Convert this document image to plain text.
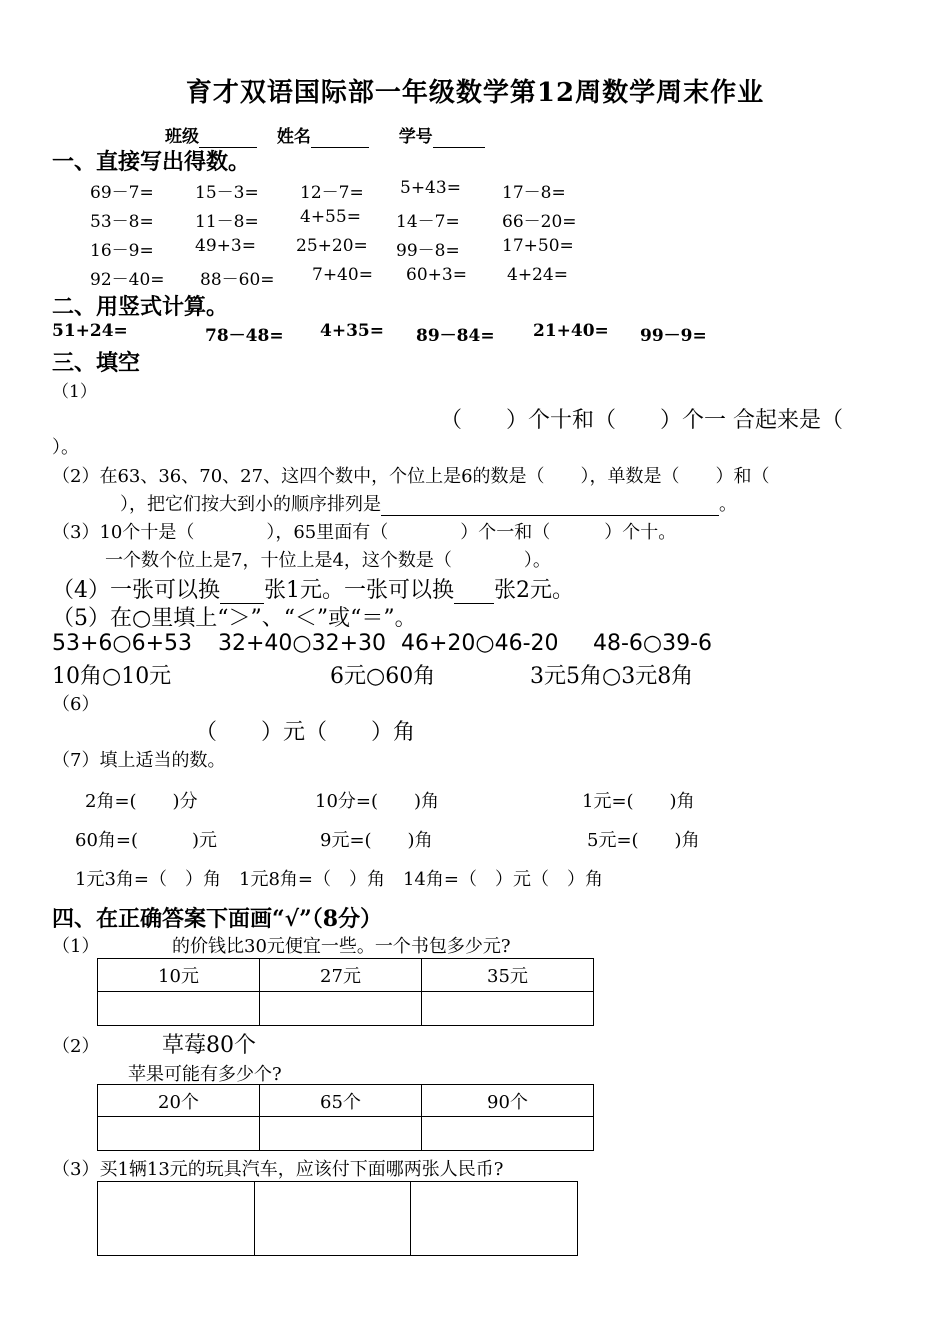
育才双语国际部一年级数学第12周数学周末作业
班级	姓名	学号
一、直接写出得数。
69－7= 15－3= 12－7= 5+43= 17－8=
53－8= 11－8= 4+55= 14－7= 66－20=
16－9= 49+3= 25+20= 99－8= 17+50=
92－40= 88－60= 7+40= 60+3= 4+24=
二、用竖式计算。
51+24=	78－48= 4+35= 89－84= 21+40= 99－9=
三、填空
（1）
（　　）个十和（　　）个一 合起来是（
）。
（2）在63、36、70、27、这四个数中，个位上是6的数是（　　），单数是（　　）和（
），把它们按大到小的顺序排列是	。
（3）10个十是（　　　　），65里面有（　　　　）个一和（　　　）个十。
一个数个位上是7，十位上是4，这个数是（　　　　）。
（4）一张可以换 张1元。一张可以换 张2元。
（5）在○里填上“＞”、“＜”或“＝”。
53+6○6+53 32+40○32+30 46+20○46-20 48-6○39-6
10角○10元	6元○60角	3元5角○3元8角
（6）
（　　）元（　　）角
（7）填上适当的数。
2角=(　　)分	10分=(　　)角	1元=(　　)角
60角=(　　　)元	9元=(　　)角	5元=(　　)角
1元3角=（　）角　1元8角=（　）角　14角=（　）元（　）角
四、在正确答案下面画“√”（8分）
（1）	的价钱比30元便宜一些。一个书包多少元?
10元	27元	35元

（2）	草莓80个
苹果可能有多少个?
20个	65个	90个

（3）买1辆13元的玩具汽车，应该付下面哪两张人民币?
